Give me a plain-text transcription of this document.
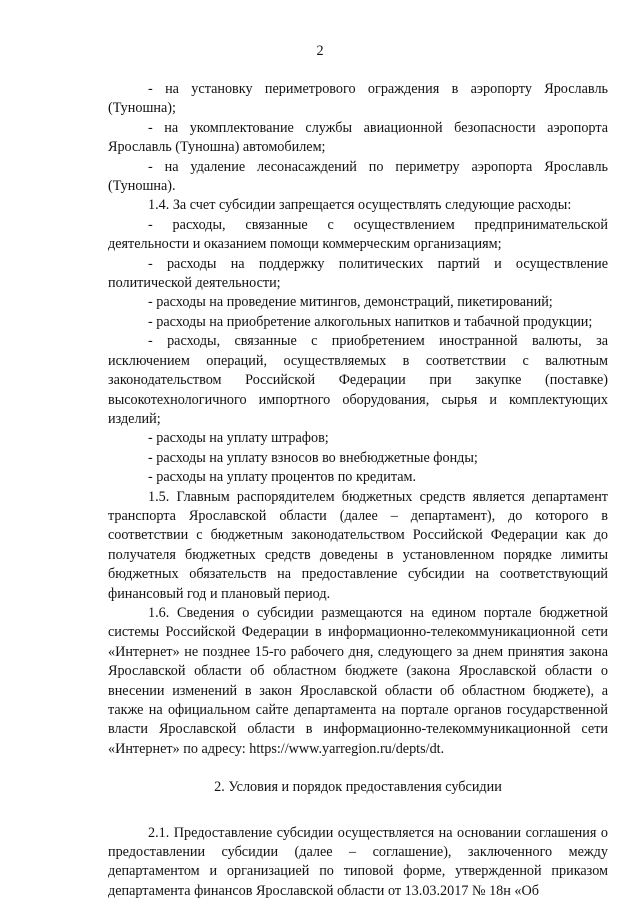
2

- на установку периметрового ограждения в аэропорту Ярославль (Туношна);

- на укомплектование службы авиационной безопасности аэропорта Ярославль (Туношна) автомобилем;

- на удаление лесонасаждений по периметру аэропорта Ярославль (Туношна).

1.4. За счет субсидии запрещается осуществлять следующие расходы:

- расходы, связанные с осуществлением предпринимательской деятельности и оказанием помощи коммерческим организациям;

- расходы на поддержку политических партий и осуществление политической деятельности;

- расходы на проведение митингов, демонстраций, пикетирований;

- расходы на приобретение алкогольных напитков и табачной продукции;

- расходы, связанные с приобретением иностранной валюты, за исключением операций, осуществляемых в соответствии с валютным законодательством Российской Федерации при закупке (поставке) высокотехнологичного импортного оборудования, сырья и комплектующих изделий;

- расходы на уплату штрафов;

- расходы на уплату взносов во внебюджетные фонды;

- расходы на уплату процентов по кредитам.

1.5. Главным распорядителем бюджетных средств является департамент транспорта Ярославской области (далее – департамент), до которого в соответствии с бюджетным законодательством Российской Федерации как до получателя бюджетных средств доведены в установленном порядке лимиты бюджетных обязательств на предоставление субсидии на соответствующий финансовый год и плановый период.

1.6. Сведения о субсидии размещаются на едином портале бюджетной системы Российской Федерации в информационно-телекоммуникационной сети «Интернет» не позднее 15-го рабочего дня, следующего за днем принятия закона Ярославской области об областном бюджете (закона Ярославской области о внесении изменений в закон Ярославской области об областном бюджете), а также на официальном сайте департамента на портале органов государственной власти Ярославской области в информационно-телекоммуникационной сети «Интернет» по адресу: https://www.yarregion.ru/depts/dt.

2. Условия и порядок предоставления субсидии

2.1. Предоставление субсидии осуществляется на основании соглашения о предоставлении субсидии (далее – соглашение), заключенного между департаментом и организацией по типовой форме, утвержденной приказом департамента финансов Ярославской области от 13.03.2017 № 18н «Об
